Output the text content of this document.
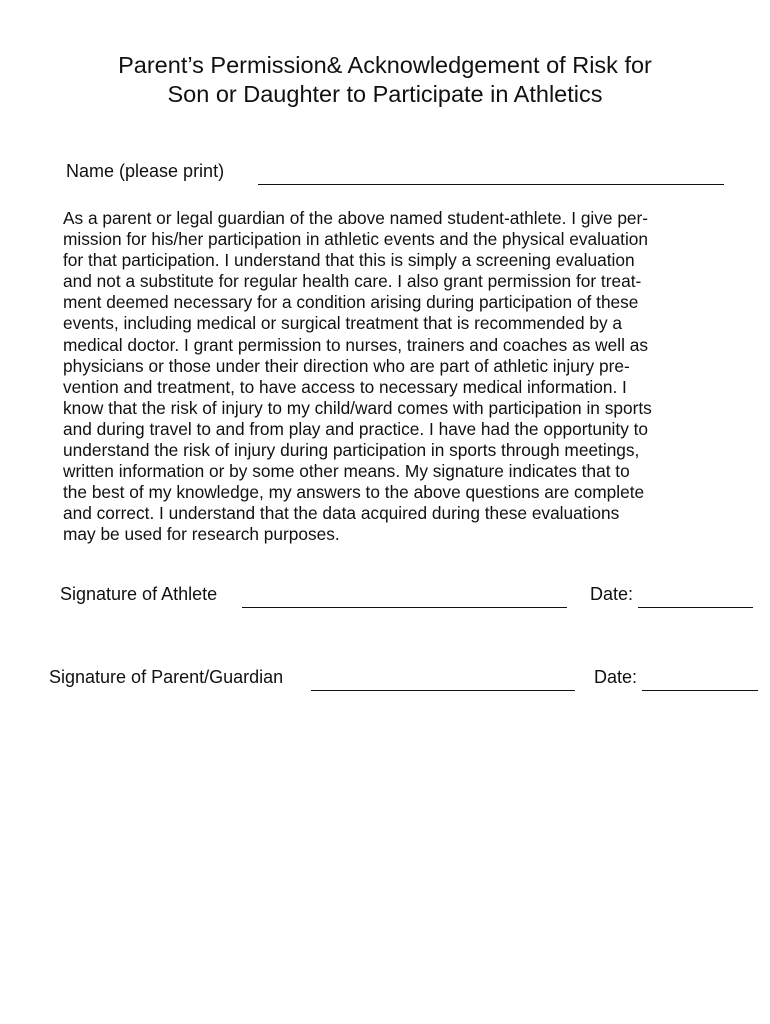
Parent’s Permission& Acknowledgement of Risk for
Son or Daughter to Participate in Athletics
Name (please print)
As a parent or legal guardian of the above named student-athlete. I give per-
mission for his/her participation in athletic events and the physical evaluation
for that participation. I understand that this is simply a screening evaluation
and not a substitute for regular health care. I also grant permission for treat-
ment deemed necessary for a condition arising during participation of these
events, including medical or surgical treatment that is recommended by a
medical doctor. I grant permission to nurses, trainers and coaches as well as
physicians or those under their direction who are part of athletic injury pre-
vention and treatment, to have access to necessary medical information. I
know that the risk of injury to my child/ward comes with participation in sports
and during travel to and from play and practice. I have had the opportunity to
understand the risk of injury during participation in sports through meetings,
written information or by some other means. My signature indicates that to
the best of my knowledge, my answers to the above questions are complete
and correct. I understand that the data acquired during these evaluations
may be used for research purposes.
Signature of Athlete	Date:
Signature of Parent/Guardian	Date:
